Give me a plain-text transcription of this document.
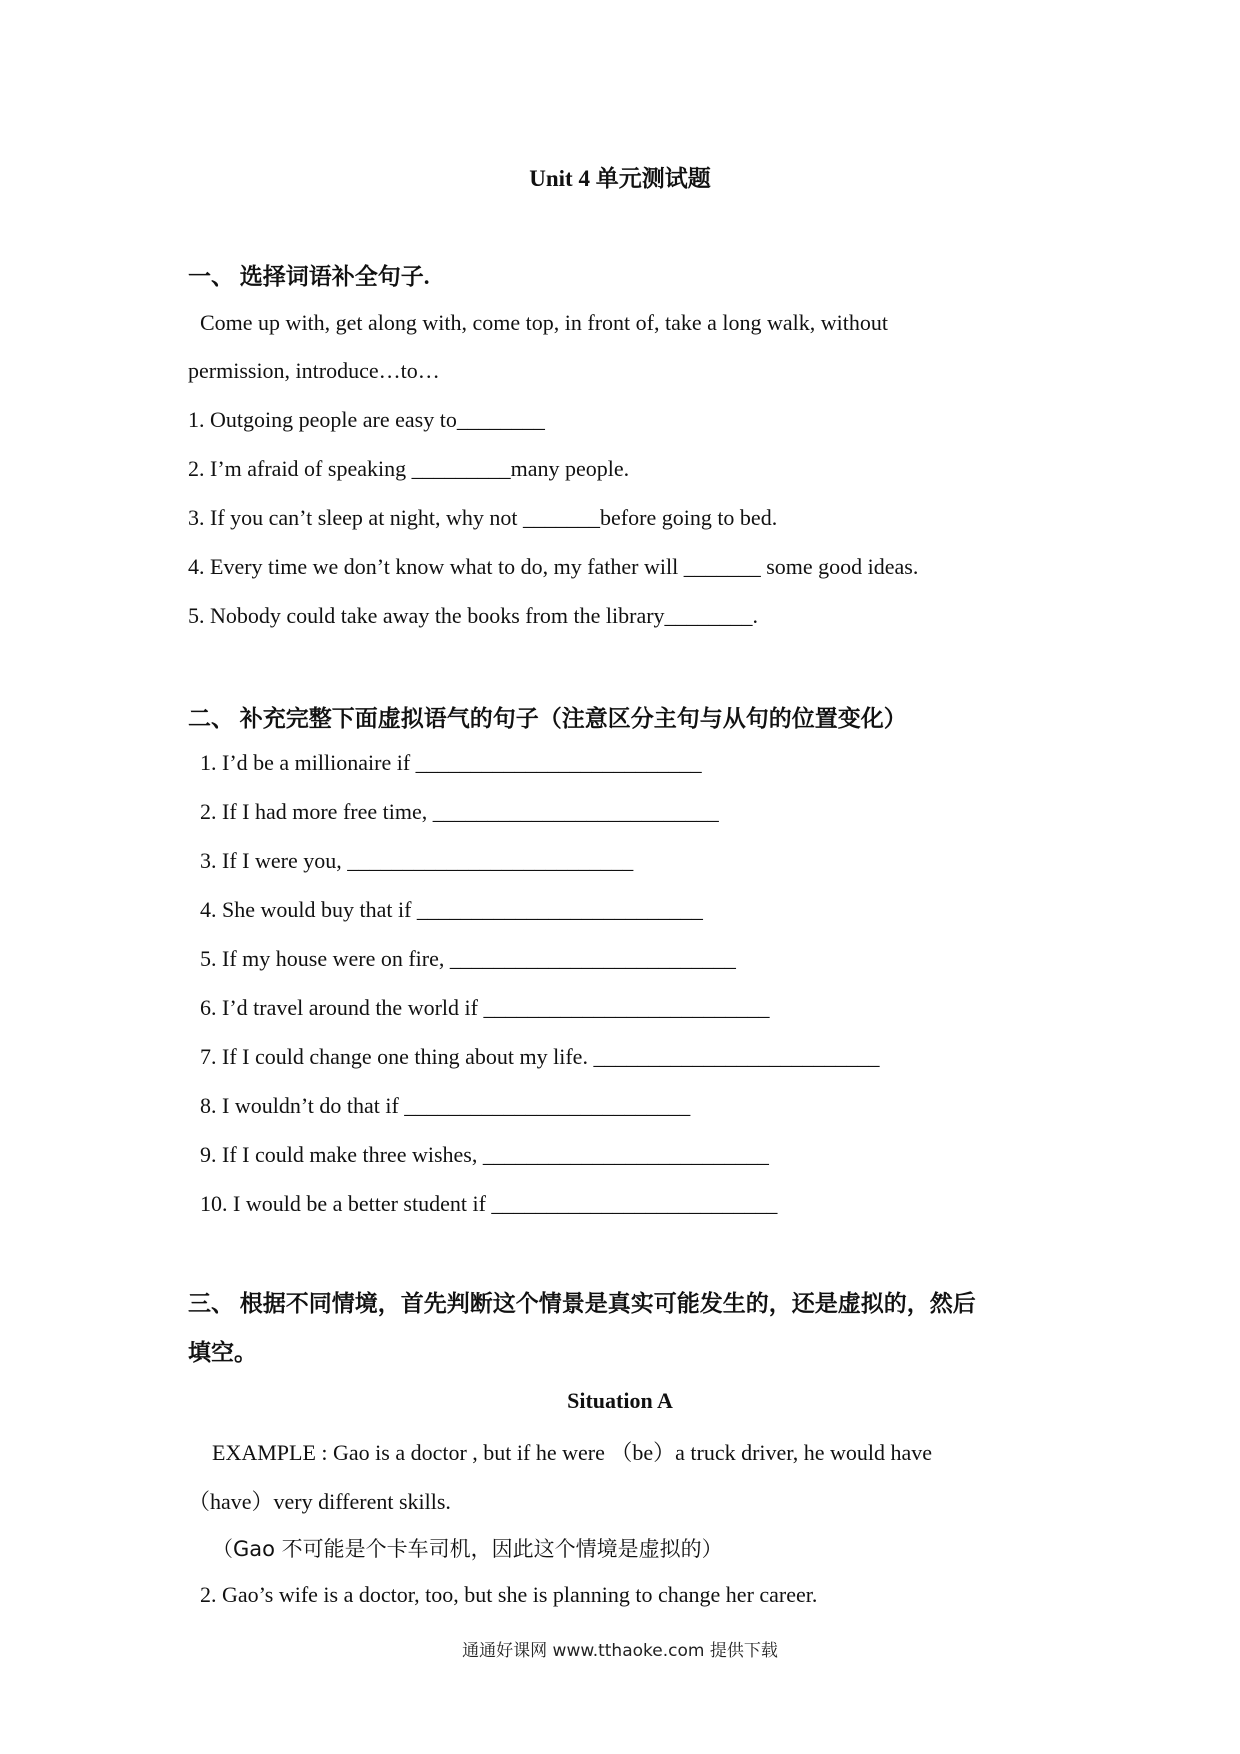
Unit 4 单元测试题
一、 选择词语补全句子.
Come up with, get along with, come top, in front of, take a long walk, without
permission, introduce…to…
1. Outgoing people are easy to________
2. I’m afraid of speaking _________many people.
3. If you can’t sleep at night, why not _______before going to bed.
4. Every time we don’t know what to do, my father will _______ some good ideas.
5. Nobody could take away the books from the library________.
二、 补充完整下面虚拟语气的句子（注意区分主句与从句的位置变化）
1. I’d be a millionaire if __________________________
2. If I had more free time, __________________________
3. If I were you, __________________________
4. She would buy that if __________________________
5. If my house were on fire, __________________________
6. I’d travel around the world if __________________________
7. If I could change one thing about my life. __________________________
8. I wouldn’t do that if __________________________
9. If I could make three wishes, __________________________
10. I would be a better student if __________________________
三、 根据不同情境，首先判断这个情景是真实可能发生的，还是虚拟的，然后
填空。
Situation A
EXAMPLE : Gao is a doctor , but if he were （be）a truck driver, he would have
（have）very different skills.
（Gao 不可能是个卡车司机，因此这个情境是虚拟的）
2. Gao’s wife is a doctor, too, but she is planning to change her career.
通通好课网 www.tthaoke.com 提供下载
